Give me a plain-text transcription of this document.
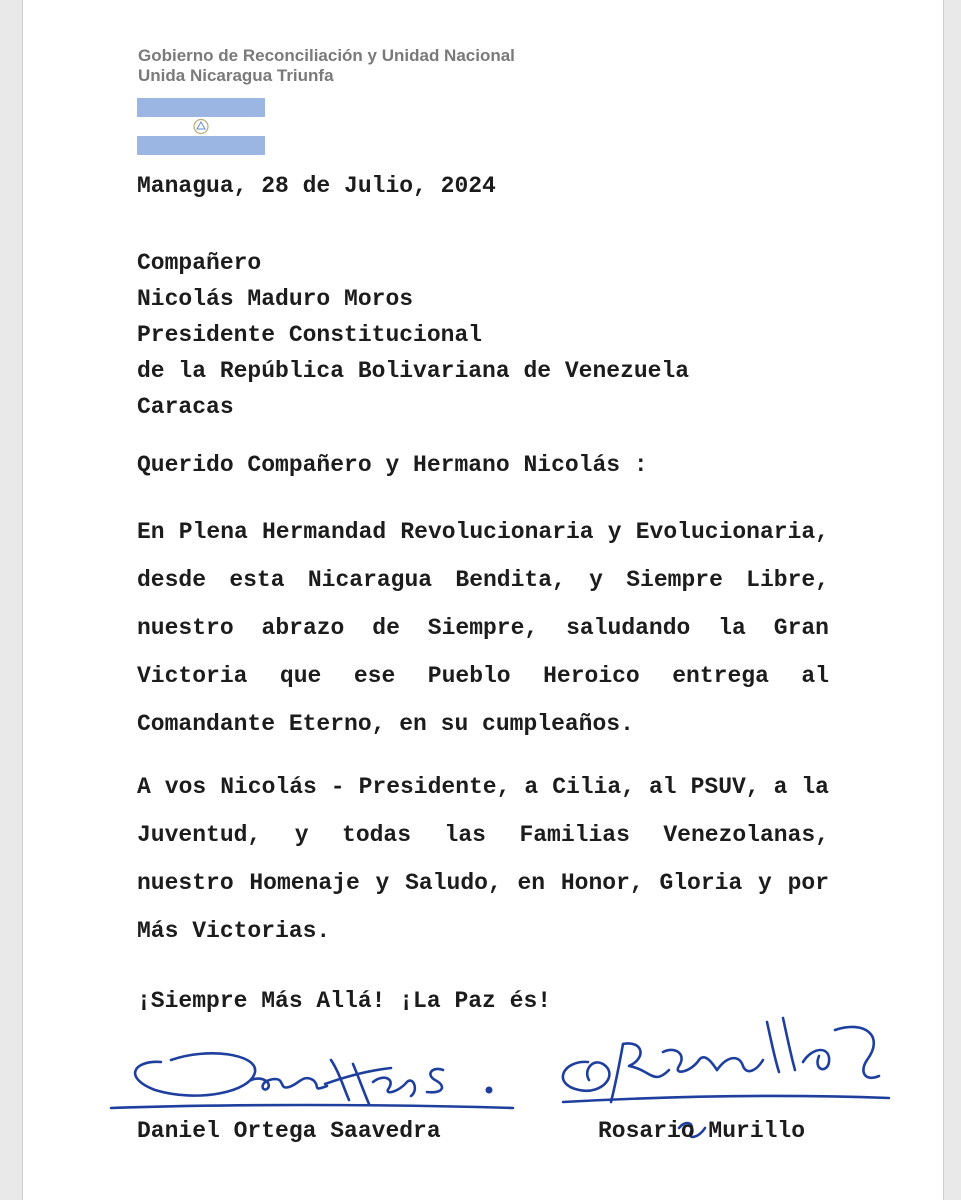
Gobierno de Reconciliación y Unidad Nacional
Unida Nicaragua Triunfa
Managua, 28 de Julio, 2024
Compañero
Nicolás Maduro Moros
Presidente Constitucional
de la República Bolivariana de Venezuela
Caracas
Querido Compañero y Hermano Nicolás :
En Plena Hermandad Revolucionaria y Evolucionaria, desde esta Nicaragua Bendita, y Siempre Libre, nuestro abrazo de Siempre, saludando la Gran Victoria que ese Pueblo Heroico entrega al Comandante Eterno, en su cumpleaños.
A vos Nicolás - Presidente, a Cilia, al PSUV, a la Juventud, y todas las Familias Venezolanas, nuestro Homenaje y Saludo, en Honor, Gloria y por Más Victorias.
¡Siempre Más Allá! ¡La Paz és!
Daniel Ortega Saavedra	Rosario Murillo
